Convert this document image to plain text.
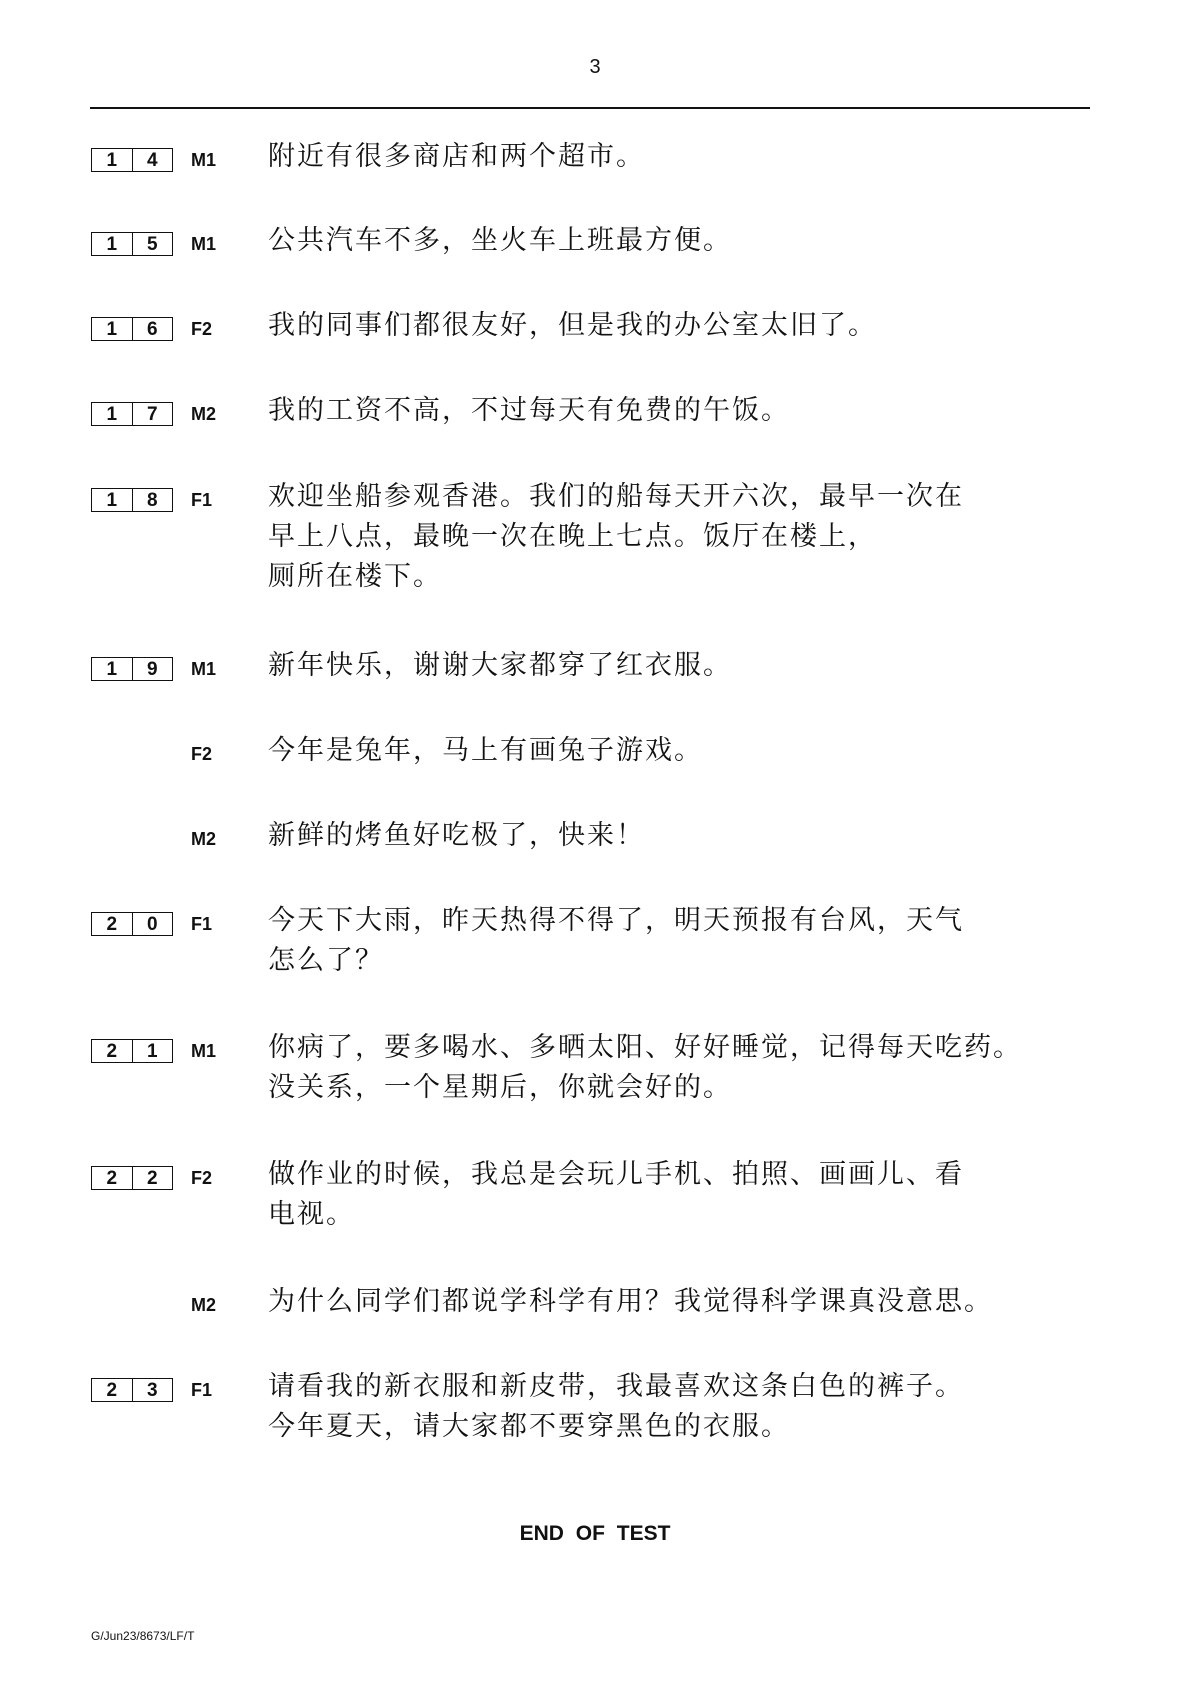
3
1	4	M1 附近有很多商店和两个超市。
1	5	M1 公共汽车不多，坐火车上班最方便。
1	6	F2 我的同事们都很友好，但是我的办公室太旧了。
1	7	M2 我的工资不高，不过每天有免费的午饭。
1	8	F1 欢迎坐船参观香港。我们的船每天开六次，最早一次在
早上八点，最晚一次在晚上七点。饭厅在楼上，
厕所在楼下。
1	9	M1 新年快乐，谢谢大家都穿了红衣服。
F2 今年是兔年，马上有画兔子游戏。
M2 新鲜的烤鱼好吃极了，快来！
2	0	F1 今天下大雨，昨天热得不得了，明天预报有台风，天气
怎么了？
2	1	M1 你病了，要多喝水、多晒太阳、好好睡觉，记得每天吃药。
没关系，一个星期后，你就会好的。
2	2	F2 做作业的时候，我总是会玩儿手机、拍照、画画儿、看
电视。
M2 为什么同学们都说学科学有用？我觉得科学课真没意思。
2	3	F1 请看我的新衣服和新皮带，我最喜欢这条白色的裤子。
今年夏天，请大家都不要穿黑色的衣服。
END OF TEST
G/Jun23/8673/LF/T
